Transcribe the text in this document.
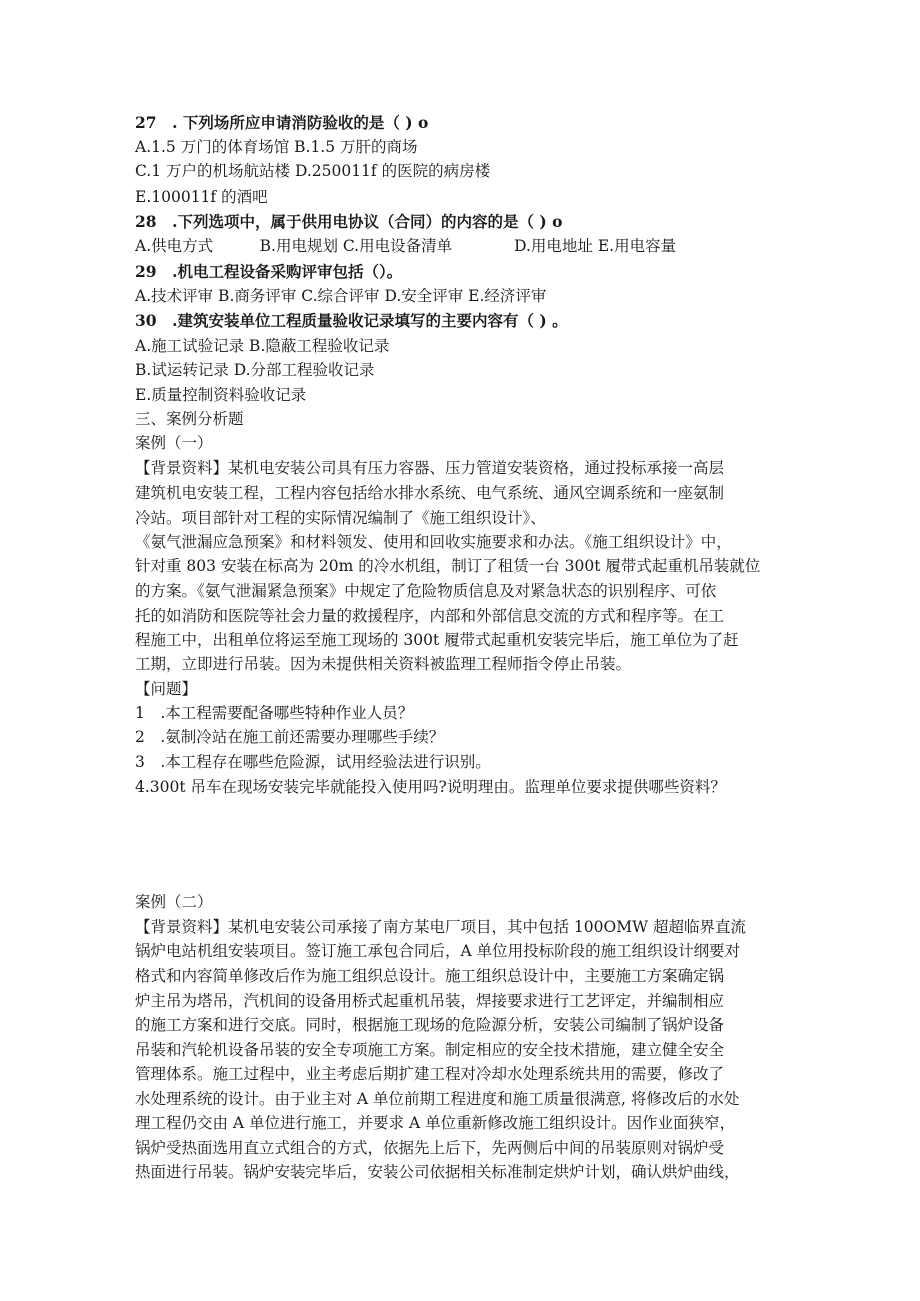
27　. 下列场所应申请消防验收的是（ ) o
A.1.5 万门的体育场馆 B.1.5 万肝的商场
C.1 万户的机场航站楼 D.250011f 的医院的病房楼
E.100011f 的酒吧
28　.下列选项中，属于供用电协议（合同）的内容的是（ ) o
A.供电方式　　　B.用电规划 C.用电设备清单　　　　D.用电地址 E.用电容量
29　.机电工程设备采购评审包括（）。
A.技术评审 B.商务评审 C.综合评审 D.安全评审 E.经济评审
30　.建筑安装单位工程质量验收记录填写的主要内容有（ ) 。
A.施工试验记录 B.隐蔽工程验收记录
B.试运转记录 D.分部工程验收记录
E.质量控制资料验收记录
三、案例分析题
案例（一）
【背景资料】某机电安装公司具有压力容器、压力管道安装资格，通过投标承接一高层
建筑机电安装工程，工程内容包括给水排水系统、电气系统、通风空调系统和一座氨制
冷站。项目部针对工程的实际情况编制了《施工组织设计》、
《氨气泄漏应急预案》和材料领发、使用和回收实施要求和办法。《施工组织设计》中，
针对重 803 安装在标高为 20m 的冷水机组，制订了租赁一台 300t 履带式起重机吊装就位
的方案。《氨气泄漏紧急预案》中规定了危险物质信息及对紧急状态的识别程序、可依
托的如消防和医院等社会力量的救援程序，内部和外部信息交流的方式和程序等。在工
程施工中，出租单位将运至施工现场的 300t 履带式起重机安装完毕后，施工单位为了赶
工期，立即进行吊装。因为未提供相关资料被监理工程师指令停止吊装。
【问题】
1　.本工程需要配备哪些特种作业人员？
2　.氨制冷站在施工前还需要办理哪些手续？
3　.本工程存在哪些危险源，试用经验法进行识别。
4.300t 吊车在现场安装完毕就能投入使用吗?说明理由。监理单位要求提供哪些资料？
案例（二）
【背景资料】某机电安装公司承接了南方某电厂项目，其中包括 100OMW 超超临界直流
锅炉电站机组安装项目。签订施工承包合同后，A 单位用投标阶段的施工组织设计纲要对
格式和内容简单修改后作为施工组织总设计。施工组织总设计中，主要施工方案确定锅
炉主吊为塔吊，汽机间的设备用桥式起重机吊装，焊接要求进行工艺评定，并编制相应
的施工方案和进行交底。同时，根据施工现场的危险源分析，安装公司编制了锅炉设备
吊装和汽轮机设备吊装的安全专项施工方案。制定相应的安全技术措施，建立健全安全
管理体系。施工过程中，业主考虑后期扩建工程对冷却水处理系统共用的需要，修改了
水处理系统的设计。由于业主对 A 单位前期工程进度和施工质量很满意, 将修改后的水处
理工程仍交由 A 单位进行施工，并要求 A 单位重新修改施工组织设计。因作业面狭窄，
锅炉受热面选用直立式组合的方式，依据先上后下，先两侧后中间的吊装原则对锅炉受
热面进行吊装。锅炉安装完毕后，安装公司依据相关标准制定烘炉计划，确认烘炉曲线，
